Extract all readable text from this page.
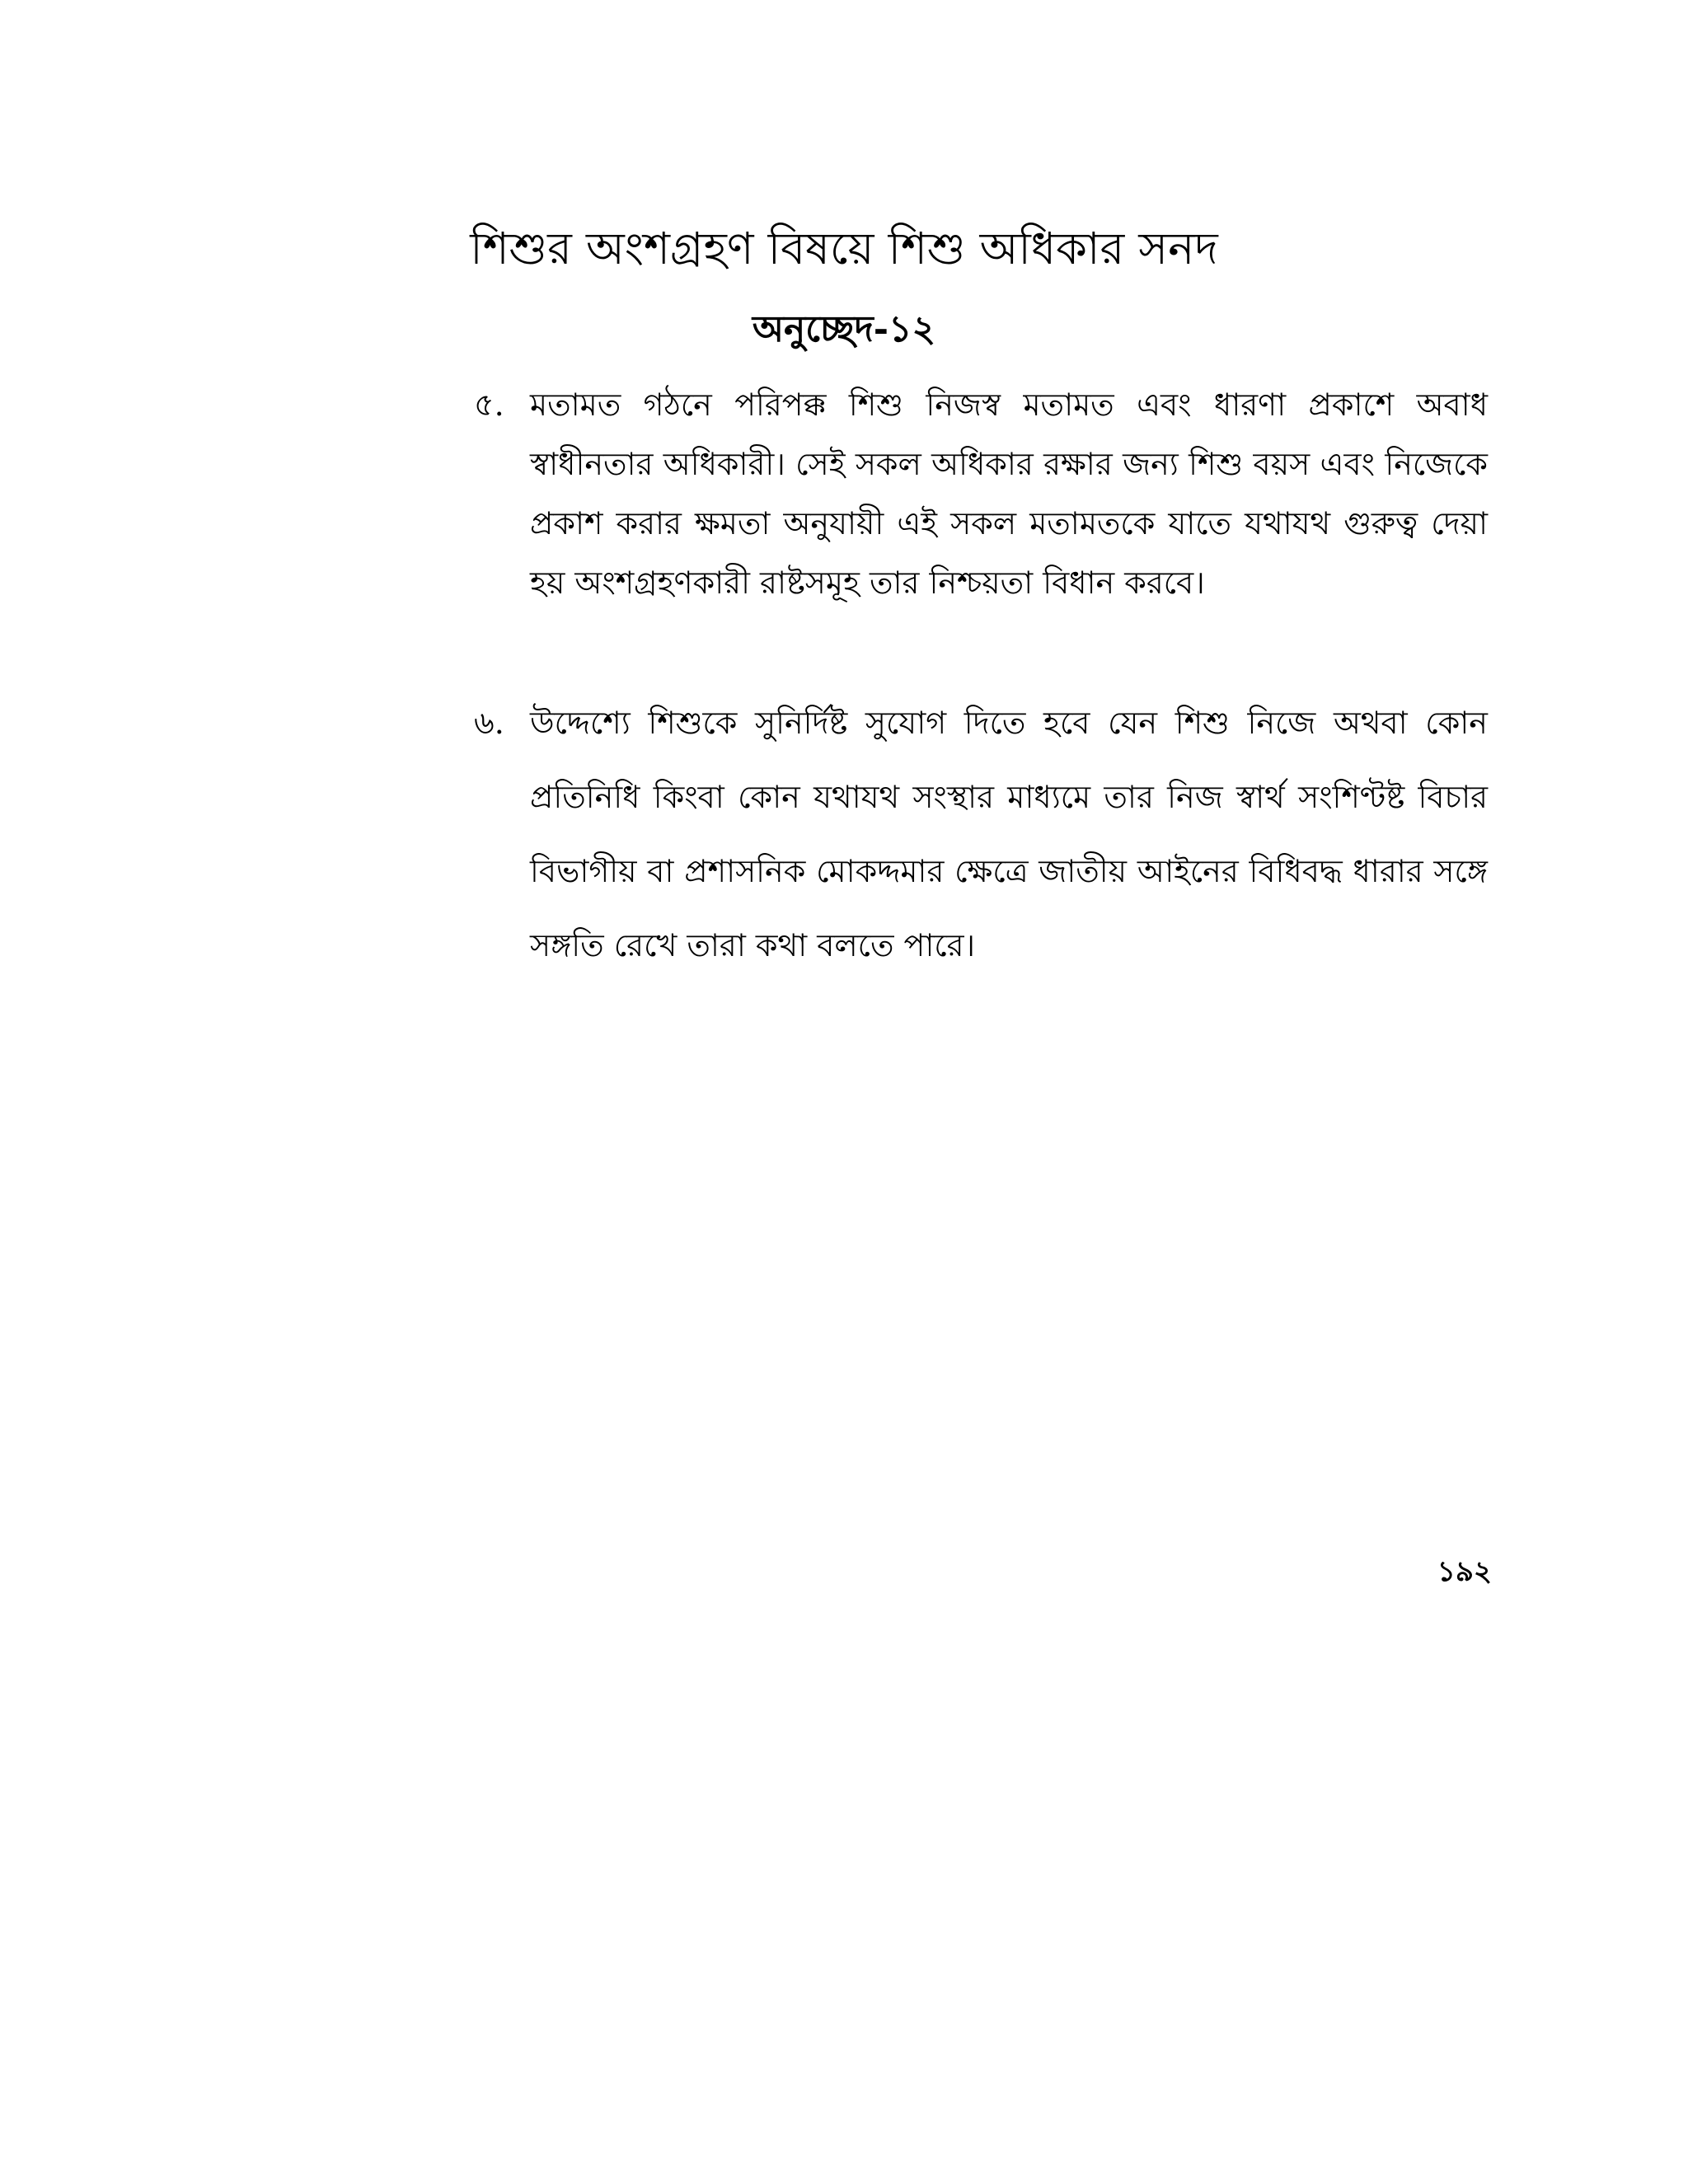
শিশুর অংশগ্রহণ বিষয়ে শিশু অধিকার সনদ
অনুচ্ছেদ-১২
৫. মতামত গঠনে পরিপক্ক শিশু নিজস্ব মতামত এবং ধারণা প্রকাশে অবাধ স্বাধীনতার অধিকারী। সেই সকল অধিকার রক্ষার জন্য শিশু বয়স এবং নিজেকে প্রকাশ করার ক্ষমতা অনুযায়ী এই সকল মতামতকে যাতে যথাযথ গুরুত্ব দেয়া হয় অংশগ্রহণকারী রাষ্টসমূহ তার নিশ্চয়তা বিধান করবে।
৬. উদ্দেশ্যে শিশুকে সুনির্দিষ্ট সুযোগ দিতে হবে যেন শিশু নিজে অথবা কোন প্রতিনিধি কিংবা কোন যথাযথ সংস্থার মাধ্যমে তার নিজ স্বার্থ সংশিণ্টষ্ট বিচার বিভাগীয় বা প্রশাসনিক মোকদ্দমার ক্ষেত্রে জাতীয় আইনের বিধিবদ্ধ ধারার সঙ্গে সঙ্গতি রেখে তারা কথা বলতে পারে।
১৯২
